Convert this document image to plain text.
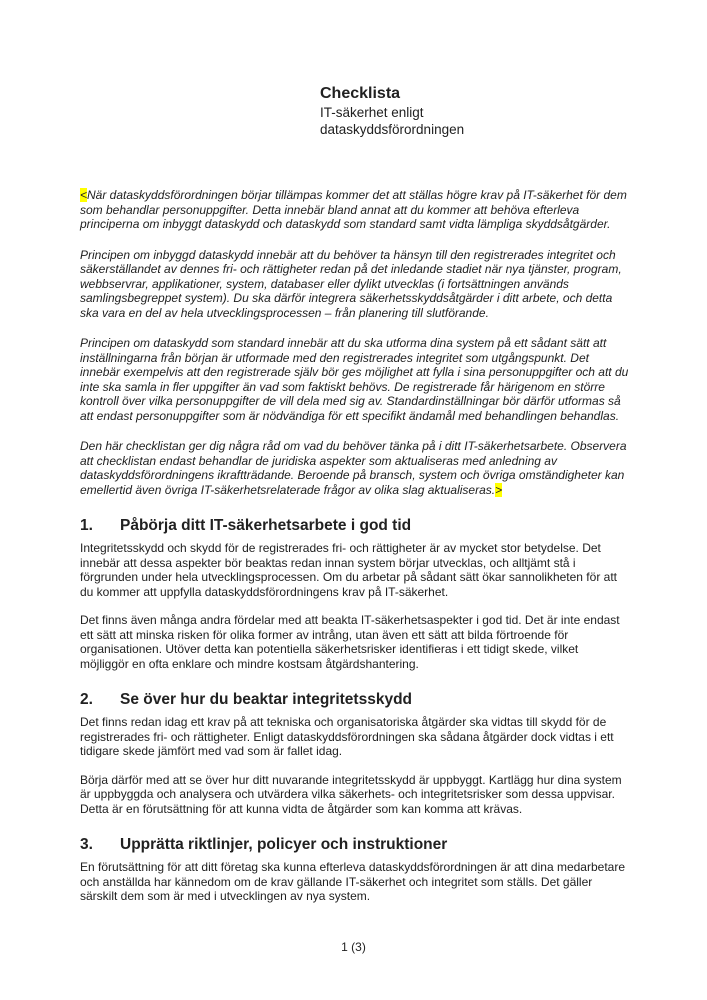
Checklista

IT-säkerhet enligt

dataskyddsförordningen

<När dataskyddsförordningen börjar tillämpas kommer det att ställas högre krav på IT-säkerhet för dem som behandlar personuppgifter. Detta innebär bland annat att du kommer att behöva efterleva principerna om inbyggt dataskydd och dataskydd som standard samt vidta lämpliga skyddsåtgärder.

Principen om inbyggd dataskydd innebär att du behöver ta hänsyn till den registrerades integritet och säkerställandet av dennes fri- och rättigheter redan på det inledande stadiet när nya tjänster, program, webbservrar, applikationer, system, databaser eller dylikt utvecklas (i fortsättningen används samlingsbegreppet system). Du ska därför integrera säkerhetsskyddsåtgärder i ditt arbete, och detta ska vara en del av hela utvecklingsprocessen – från planering till slutförande.

Principen om dataskydd som standard innebär att du ska utforma dina system på ett sådant sätt att inställningarna från början är utformade med den registrerades integritet som utgångspunkt. Det innebär exempelvis att den registrerade själv bör ges möjlighet att fylla i sina personuppgifter och att du inte ska samla in fler uppgifter än vad som faktiskt behövs. De registrerade får härigenom en större kontroll över vilka personuppgifter de vill dela med sig av. Standardinställningar bör därför utformas så att endast personuppgifter som är nödvändiga för ett specifikt ändamål med behandlingen behandlas.

Den här checklistan ger dig några råd om vad du behöver tänka på i ditt IT-säkerhetsarbete. Observera att checklistan endast behandlar de juridiska aspekter som aktualiseras med anledning av dataskyddsförordningens ikraftträdande. Beroende på bransch, system och övriga omständigheter kan emellertid även övriga IT-säkerhetsrelaterade frågor av olika slag aktualiseras.>

1. Påbörja ditt IT-säkerhetsarbete i god tid

Integritetsskydd och skydd för de registrerades fri- och rättigheter är av mycket stor betydelse. Det innebär att dessa aspekter bör beaktas redan innan system börjar utvecklas, och alltjämt stå i förgrunden under hela utvecklingsprocessen. Om du arbetar på sådant sätt ökar sannolikheten för att du kommer att uppfylla dataskyddsförordningens krav på IT-säkerhet.

Det finns även många andra fördelar med att beakta IT-säkerhetsaspekter i god tid. Det är inte endast ett sätt att minska risken för olika former av intrång, utan även ett sätt att bilda förtroende för organisationen. Utöver detta kan potentiella säkerhetsrisker identifieras i ett tidigt skede, vilket möjliggör en ofta enklare och mindre kostsam åtgärdshantering.

2. Se över hur du beaktar integritetsskydd

Det finns redan idag ett krav på att tekniska och organisatoriska åtgärder ska vidtas till skydd för de registrerades fri- och rättigheter. Enligt dataskyddsförordningen ska sådana åtgärder dock vidtas i ett tidigare skede jämfört med vad som är fallet idag.

Börja därför med att se över hur ditt nuvarande integritetsskydd är uppbyggt. Kartlägg hur dina system är uppbyggda och analysera och utvärdera vilka säkerhets- och integritetsrisker som dessa uppvisar. Detta är en förutsättning för att kunna vidta de åtgärder som kan komma att krävas.

3. Upprätta riktlinjer, policyer och instruktioner

En förutsättning för att ditt företag ska kunna efterleva dataskyddsförordningen är att dina medarbetare och anställda har kännedom om de krav gällande IT-säkerhet och integritet som ställs. Det gäller särskilt dem som är med i utvecklingen av nya system.

1 (3)
